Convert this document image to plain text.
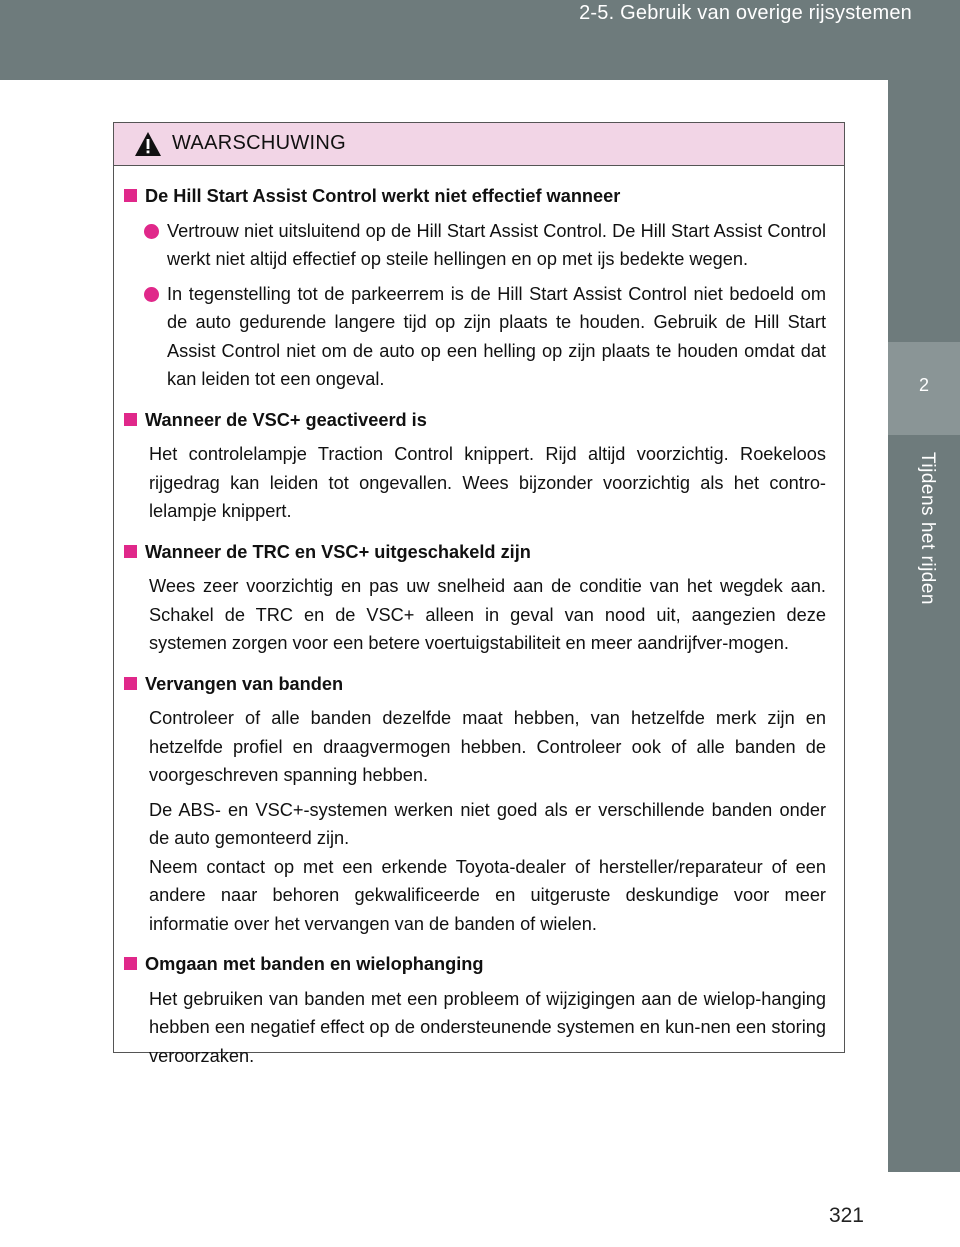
2-5. Gebruik van overige rijsystemen
2
Tijdens het rijden
WAARSCHUWING
De Hill Start Assist Control werkt niet effectief wanneer
Vertrouw niet uitsluitend op de Hill Start Assist Control. De Hill Start Assist Control werkt niet altijd effectief op steile hellingen en op met ijs bedekte wegen.
In tegenstelling tot de parkeerrem is de Hill Start Assist Control niet bedoeld om de auto gedurende langere tijd op zijn plaats te houden. Gebruik de Hill Start Assist Control niet om de auto op een helling op zijn plaats te houden omdat dat kan leiden tot een ongeval.
Wanneer de VSC+ geactiveerd is
Het controlelampje Traction Control knippert. Rijd altijd voorzichtig. Roekeloos rijgedrag kan leiden tot ongevallen. Wees bijzonder voorzichtig als het contro-lelampje knippert.
Wanneer de TRC en VSC+ uitgeschakeld zijn
Wees zeer voorzichtig en pas uw snelheid aan de conditie van het wegdek aan. Schakel de TRC en de VSC+ alleen in geval van nood uit, aangezien deze systemen zorgen voor een betere voertuigstabiliteit en meer aandrijfver-mogen.
Vervangen van banden
Controleer of alle banden dezelfde maat hebben, van hetzelfde merk zijn en hetzelfde profiel en draagvermogen hebben. Controleer ook of alle banden de voorgeschreven spanning hebben.
De ABS- en VSC+-systemen werken niet goed als er verschillende banden onder de auto gemonteerd zijn.
Neem contact op met een erkende Toyota-dealer of hersteller/reparateur of een andere naar behoren gekwalificeerde en uitgeruste deskundige voor meer informatie over het vervangen van de banden of wielen.
Omgaan met banden en wielophanging
Het gebruiken van banden met een probleem of wijzigingen aan de wielop-hanging hebben een negatief effect op de ondersteunende systemen en kun-nen een storing veroorzaken.
321
